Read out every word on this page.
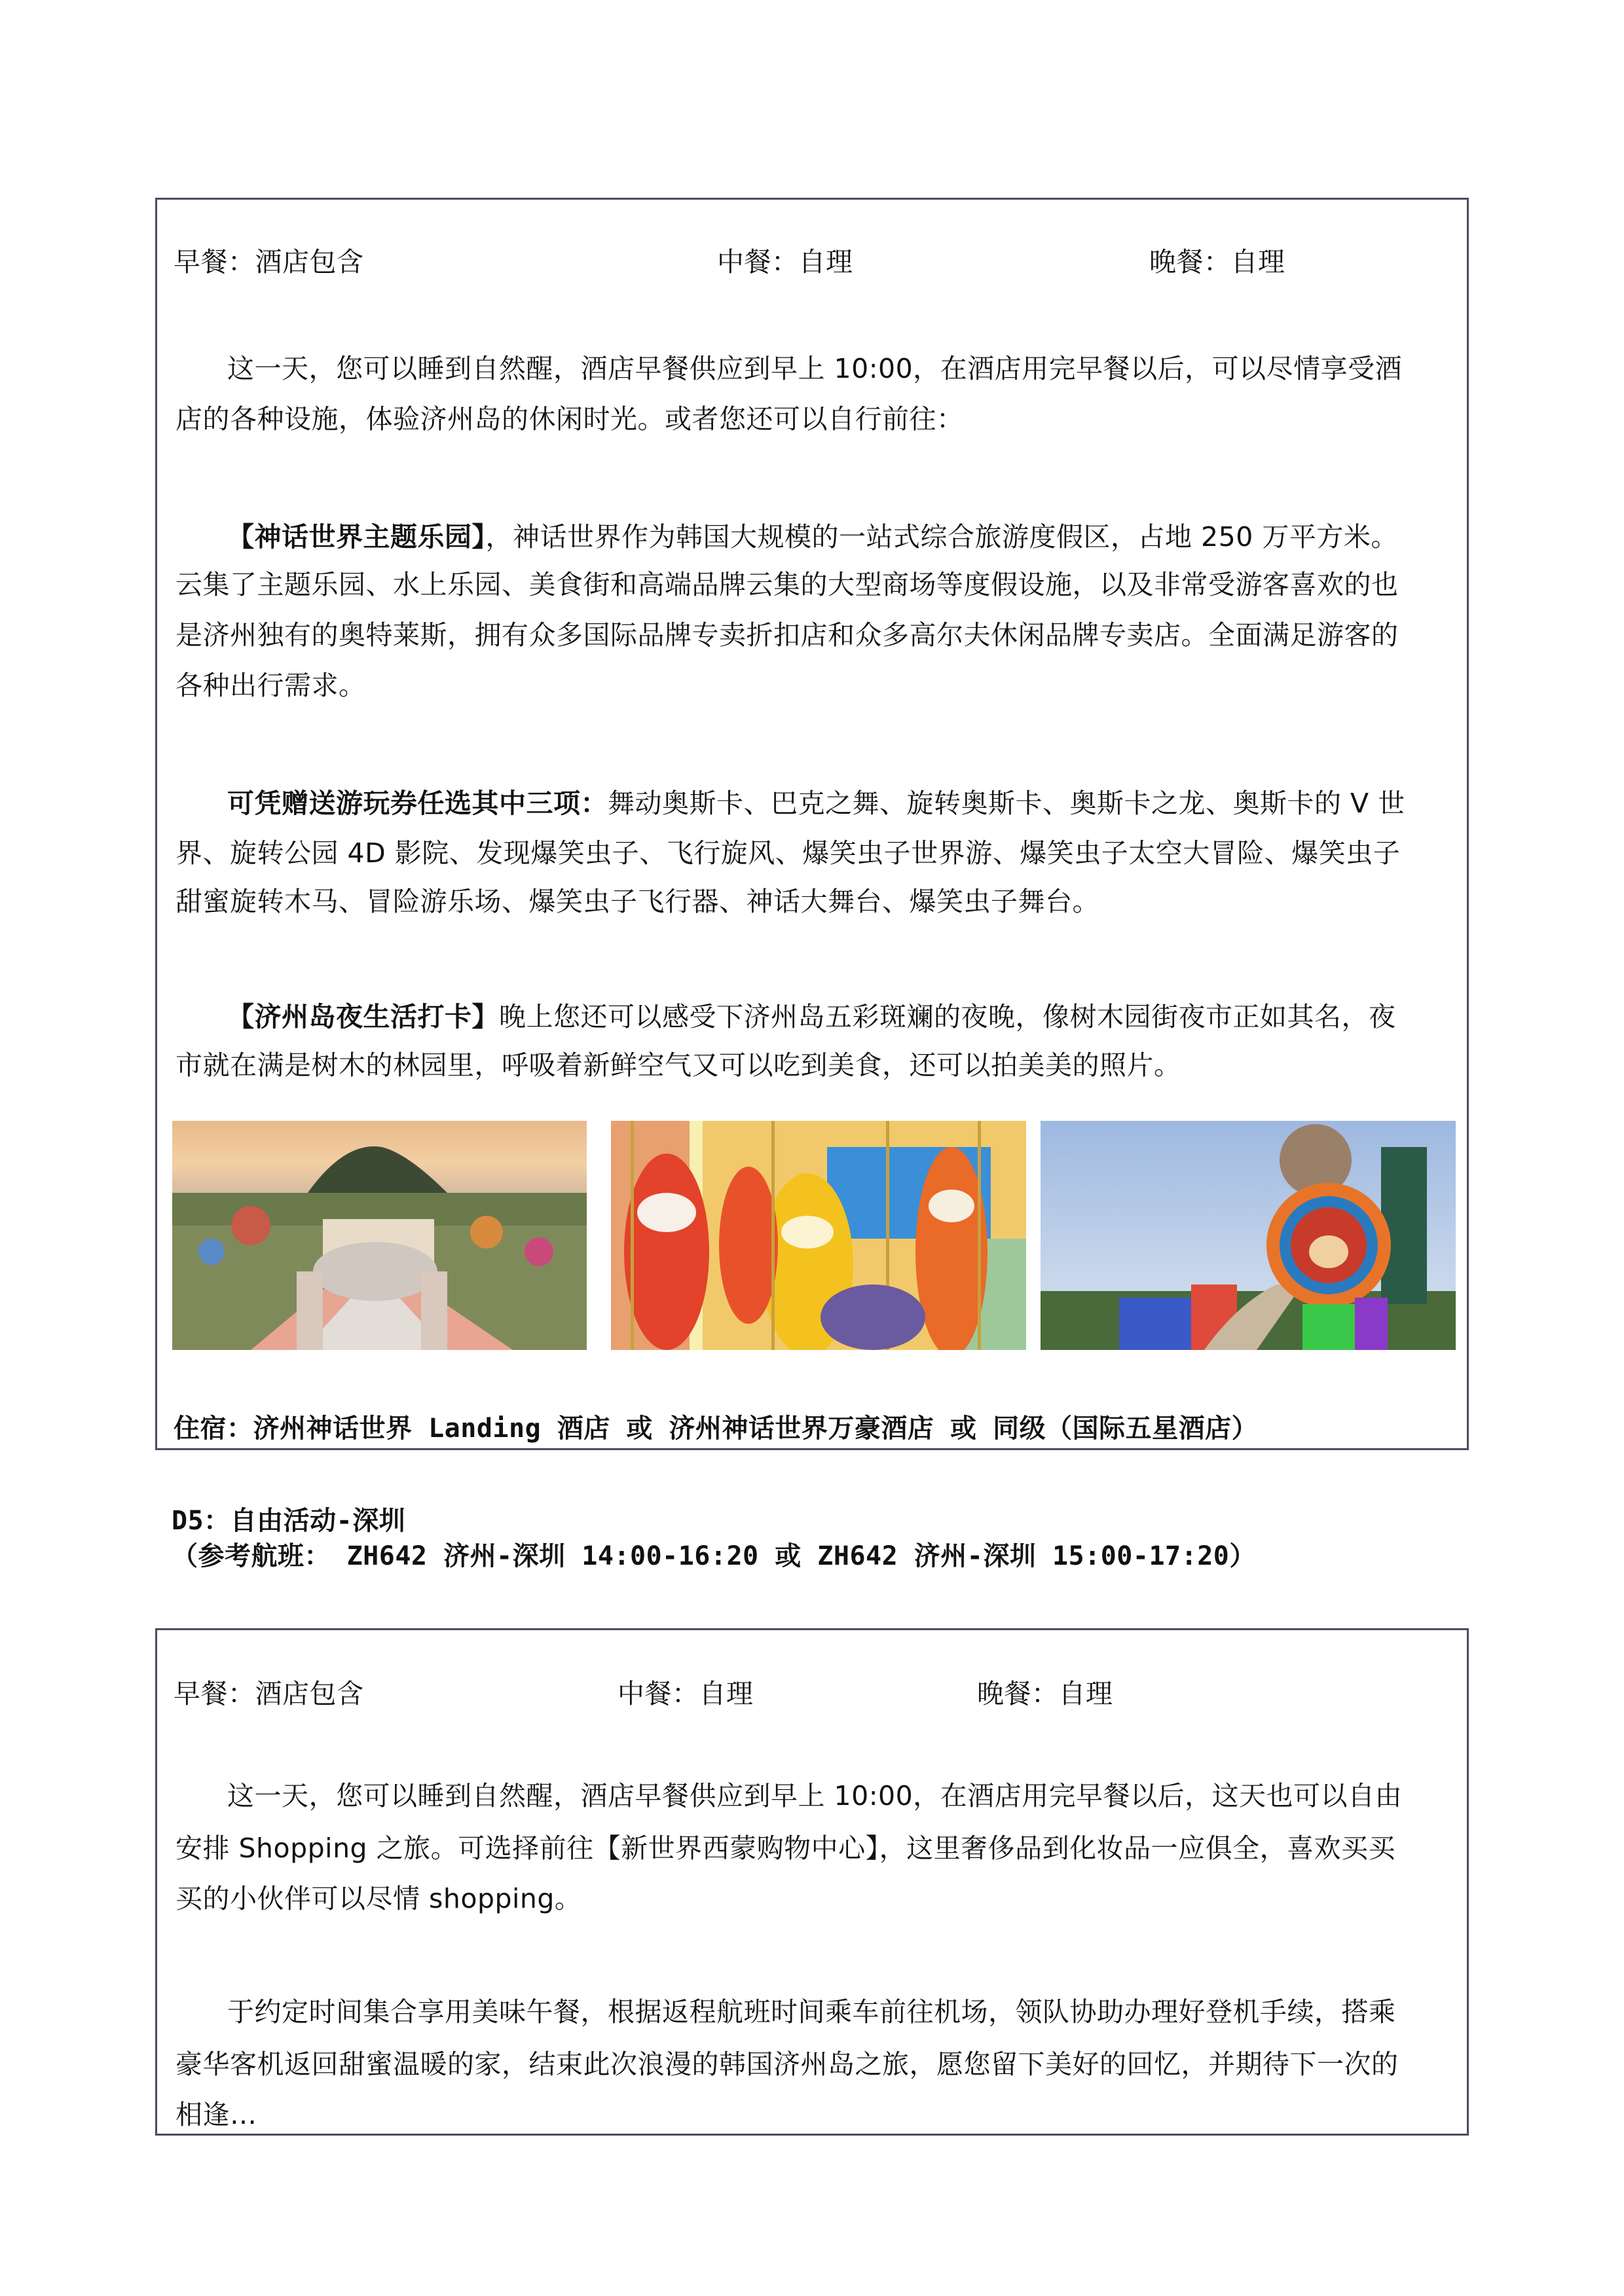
早餐：酒店包含	中餐：自理	晚餐：自理
这一天，您可以睡到自然醒，酒店早餐供应到早上 10:00，在酒店用完早餐以后，可以尽情享受酒
店的各种设施，体验济州岛的休闲时光。或者您还可以自行前往：
【神话世界主题乐园】，神话世界作为韩国大规模的一站式综合旅游度假区，占地 250 万平方米。
云集了主题乐园、水上乐园、美食街和高端品牌云集的大型商场等度假设施，以及非常受游客喜欢的也
是济州独有的奥特莱斯，拥有众多国际品牌专卖折扣店和众多高尔夫休闲品牌专卖店。全面满足游客的
各种出行需求。
可凭赠送游玩券任选其中三项：舞动奥斯卡、巴克之舞、旋转奥斯卡、奥斯卡之龙、奥斯卡的 V 世
界、旋转公园 4D 影院、发现爆笑虫子、飞行旋风、爆笑虫子世界游、爆笑虫子太空大冒险、爆笑虫子
甜蜜旋转木马、冒险游乐场、爆笑虫子飞行器、神话大舞台、爆笑虫子舞台。
【济州岛夜生活打卡】晚上您还可以感受下济州岛五彩斑斓的夜晚，像树木园街夜市正如其名，夜
市就在满是树木的林园里，呼吸着新鲜空气又可以吃到美食，还可以拍美美的照片。
住宿：济州神话世界 Landing 酒店 或 济州神话世界万豪酒店 或 同级（国际五星酒店）
D5：自由活动-深圳
（参考航班： ZH642 济州-深圳 14:00-16:20 或 ZH642 济州-深圳 15:00-17:20）
早餐：酒店包含	中餐：自理	晚餐：自理
这一天，您可以睡到自然醒，酒店早餐供应到早上 10:00，在酒店用完早餐以后，这天也可以自由
安排 Shopping 之旅。可选择前往【新世界西蒙购物中心】，这里奢侈品到化妆品一应俱全，喜欢买买
买的小伙伴可以尽情 shopping。
于约定时间集合享用美味午餐，根据返程航班时间乘车前往机场，领队协助办理好登机手续，搭乘
豪华客机返回甜蜜温暖的家，结束此次浪漫的韩国济州岛之旅，愿您留下美好的回忆，并期待下一次的
相逢…
